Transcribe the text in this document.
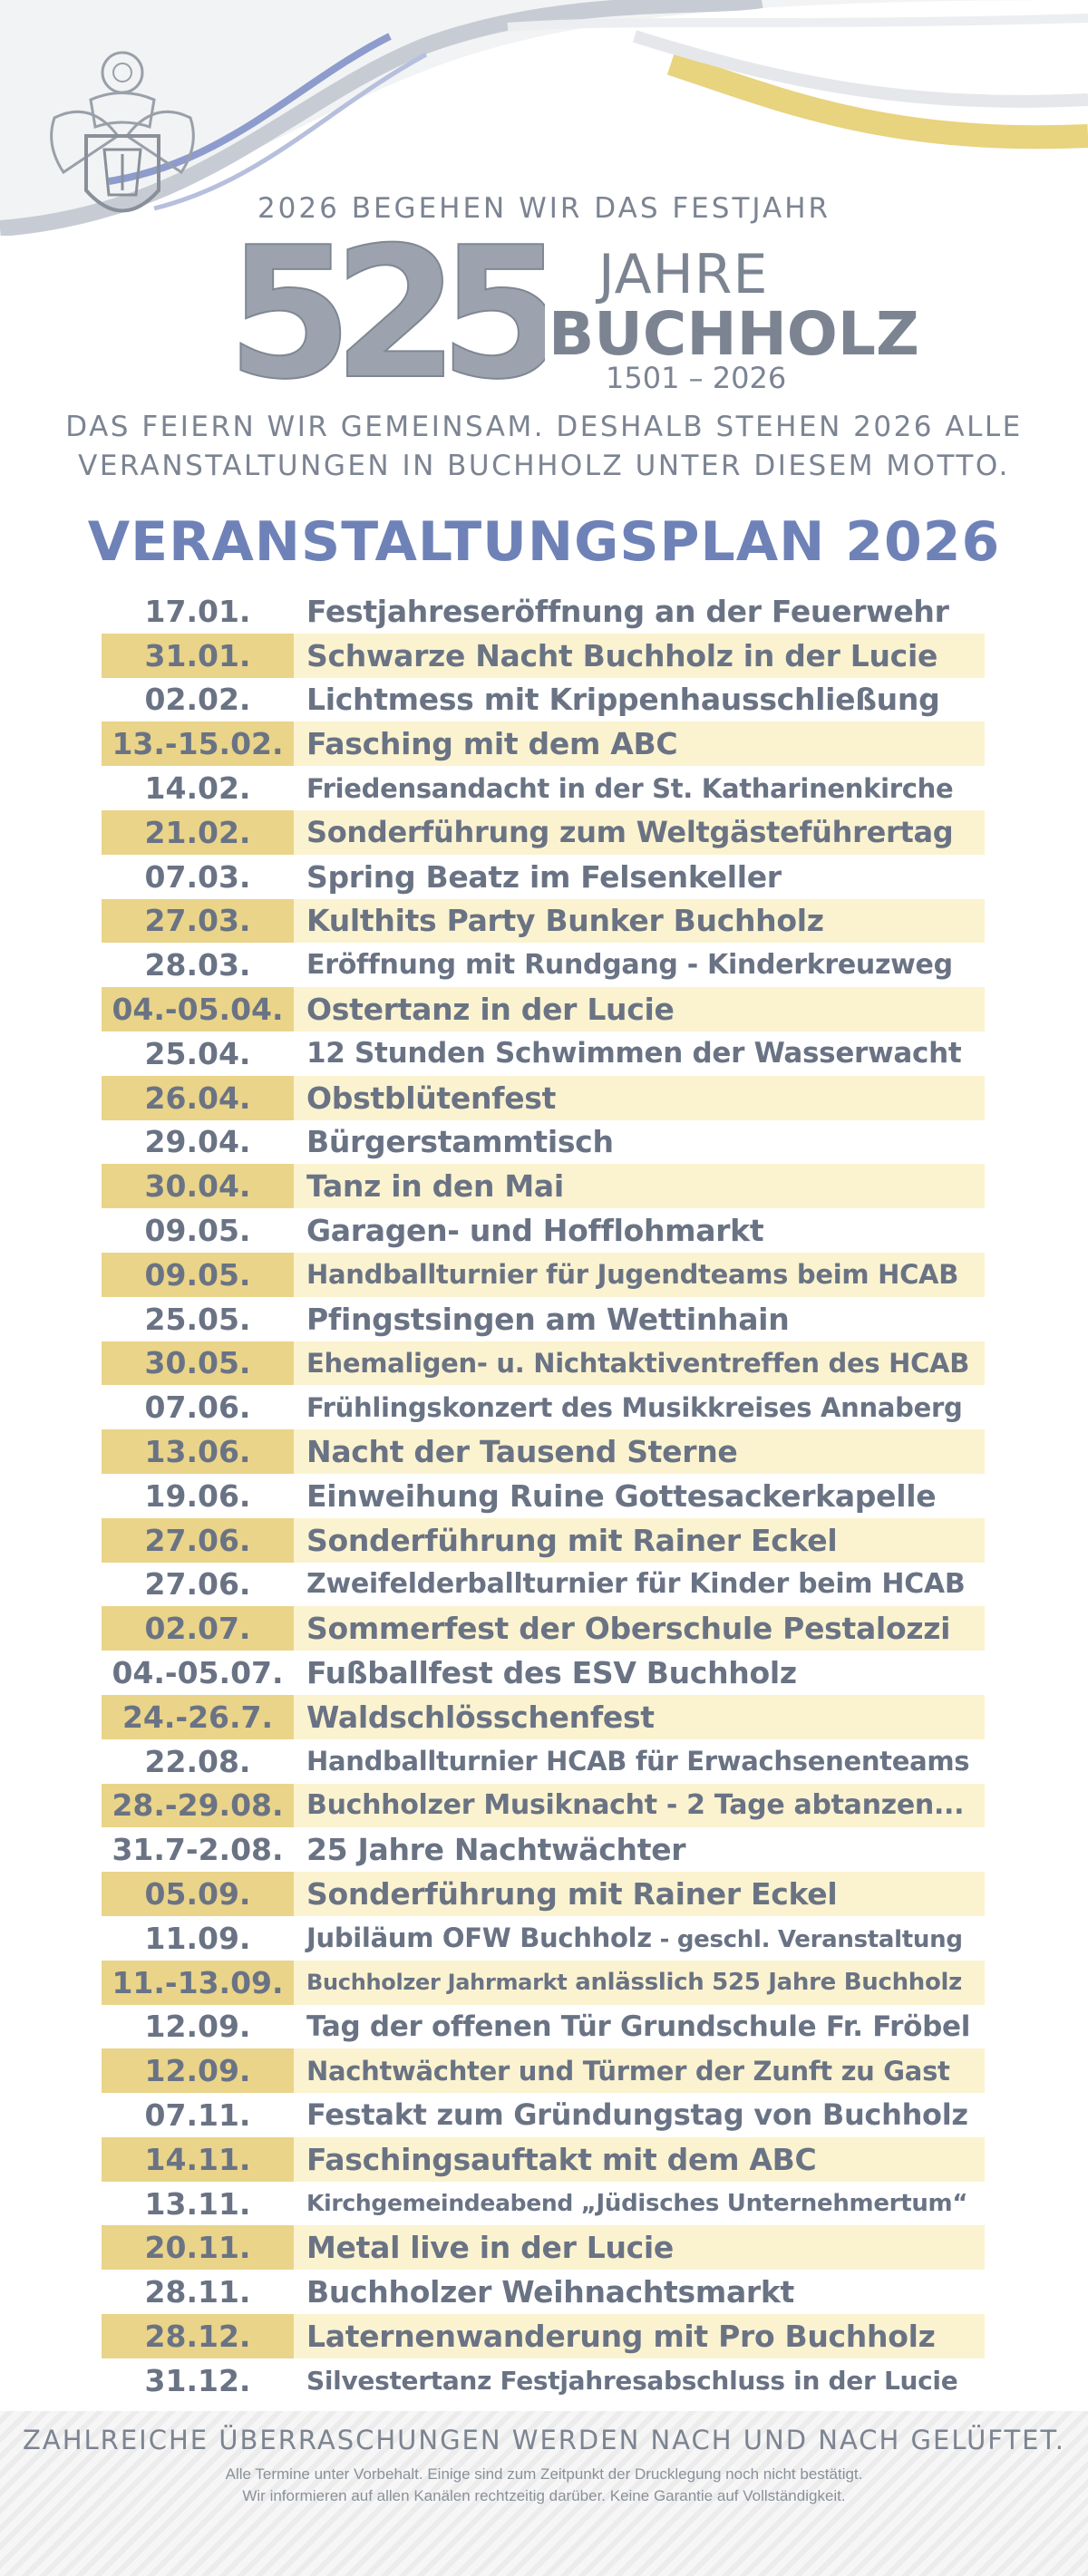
2026 BEGEHEN WIR DAS FESTJAHR
525 JAHRE
BUCHHOLZ
1501 – 2026
DAS FEIERN WIR GEMEINSAM. DESHALB STEHEN 2026 ALLE
VERANSTALTUNGEN IN BUCHHOLZ UNTER DIESEM MOTTO.
VERANSTALTUNGSPLAN 2026
17.01.	Festjahreseröffnung an der Feuerwehr
31.01.	Schwarze Nacht Buchholz in der Lucie
02.02.	Lichtmess mit Krippenhausschließung
13.-15.02. Fasching mit dem ABC
14.02.	Friedensandacht in der St. Katharinenkirche
21.02.	Sonderführung zum Weltgästeführertag
07.03.	Spring Beatz im Felsenkeller
27.03.	Kulthits Party Bunker Buchholz
28.03.	Eröffnung mit Rundgang - Kinderkreuzweg
04.-05.04. Ostertanz in der Lucie
25.04.	12 Stunden Schwimmen der Wasserwacht
26.04.	Obstblütenfest
29.04.	Bürgerstammtisch
30.04.	Tanz in den Mai
09.05.	Garagen- und Hofflohmarkt
09.05.	Handballturnier für Jugendteams beim HCAB
25.05.	Pfingstsingen am Wettinhain
30.05.	Ehemaligen- u. Nichtaktiventreffen des HCAB
07.06.	Frühlingskonzert des Musikkreises Annaberg
13.06.	Nacht der Tausend Sterne
19.06.	Einweihung Ruine Gottesackerkapelle
27.06.	Sonderführung mit Rainer Eckel
27.06.	Zweifelderballturnier für Kinder beim HCAB
02.07.	Sommerfest der Oberschule Pestalozzi
04.-05.07. Fußballfest des ESV Buchholz
24.-26.7.	Waldschlösschenfest
22.08.	Handballturnier HCAB für Erwachsenenteams
28.-29.08. Buchholzer Musiknacht - 2 Tage abtanzen...
31.7-2.08. 25 Jahre Nachtwächter
05.09.	Sonderführung mit Rainer Eckel
11.09.	Jubiläum OFW Buchholz - geschl. Veranstaltung
11.-13.09.	Buchholzer Jahrmarkt anlässlich 525 Jahre Buchholz
12.09.	Tag der offenen Tür Grundschule Fr. Fröbel
12.09.	Nachtwächter und Türmer der Zunft zu Gast
07.11.	Festakt zum Gründungstag von Buchholz
14.11.	Faschingsauftakt mit dem ABC
13.11.	Kirchgemeindeabend „Jüdisches Unternehmertum“
20.11.	Metal live in der Lucie
28.11.	Buchholzer Weihnachtsmarkt
28.12.	Laternenwanderung mit Pro Buchholz
31.12.	Silvestertanz Festjahresabschluss in der Lucie
ZAHLREICHE ÜBERRASCHUNGEN WERDEN NACH UND NACH GELÜFTET.
Alle Termine unter Vorbehalt. Einige sind zum Zeitpunkt der Drucklegung noch nicht bestätigt.
Wir informieren auf allen Kanälen rechtzeitig darüber. Keine Garantie auf Vollständigkeit.
